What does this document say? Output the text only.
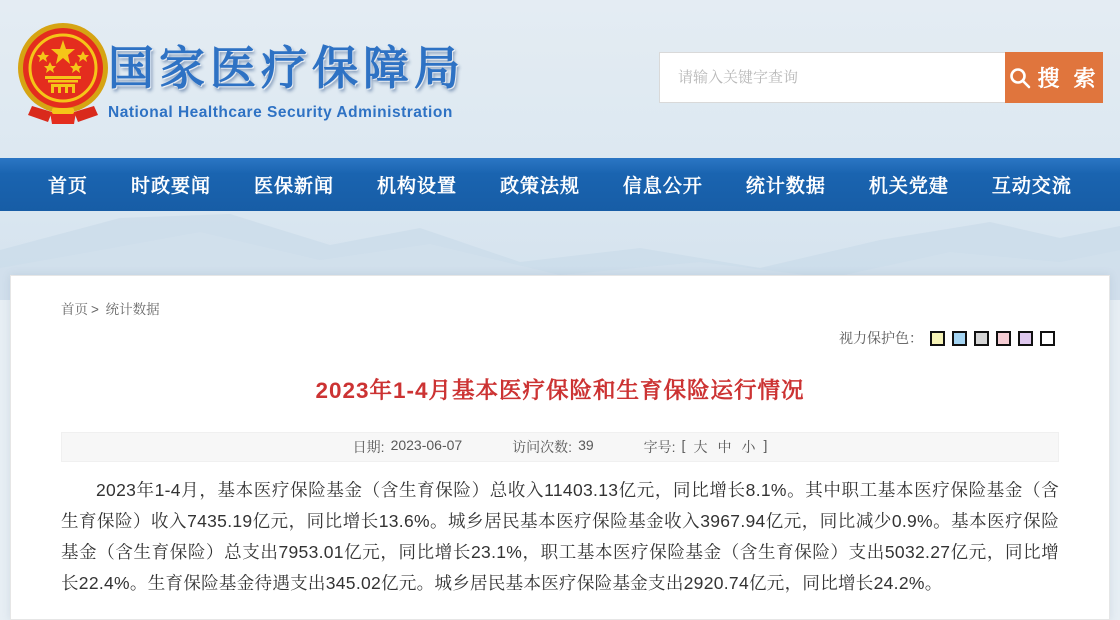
国家医疗保障局
National Healthcare Security Administration
请输入关键字查询
搜 索
首页 时政要闻 医保新闻 机构设置 政策法规 信息公开 统计数据 机关党建 互动交流
首页 > 统计数据
视力保护色：
2023年1-4月基本医疗保险和生育保险运行情况
日期: 2023-06-07	访问次数: 39	字号: [ 大 中 小 ]

2023年1-4月，基本医疗保险基金（含生育保险）总收入11403.13亿元，同比增长8.1%。其中职工基本医疗保险基金（含生育保险）收入7435.19亿元，同比增长13.6%。城乡居民基本医疗保险基金收入3967.94亿元，同比减少0.9%。基本医疗保险基金（含生育保险）总支出7953.01亿元，同比增长23.1%，职工基本医疗保险基金（含生育保险）支出5032.27亿元，同比增长22.4%。生育保险基金待遇支出345.02亿元。城乡居民基本医疗保险基金支出2920.74亿元，同比增长24.2%。
